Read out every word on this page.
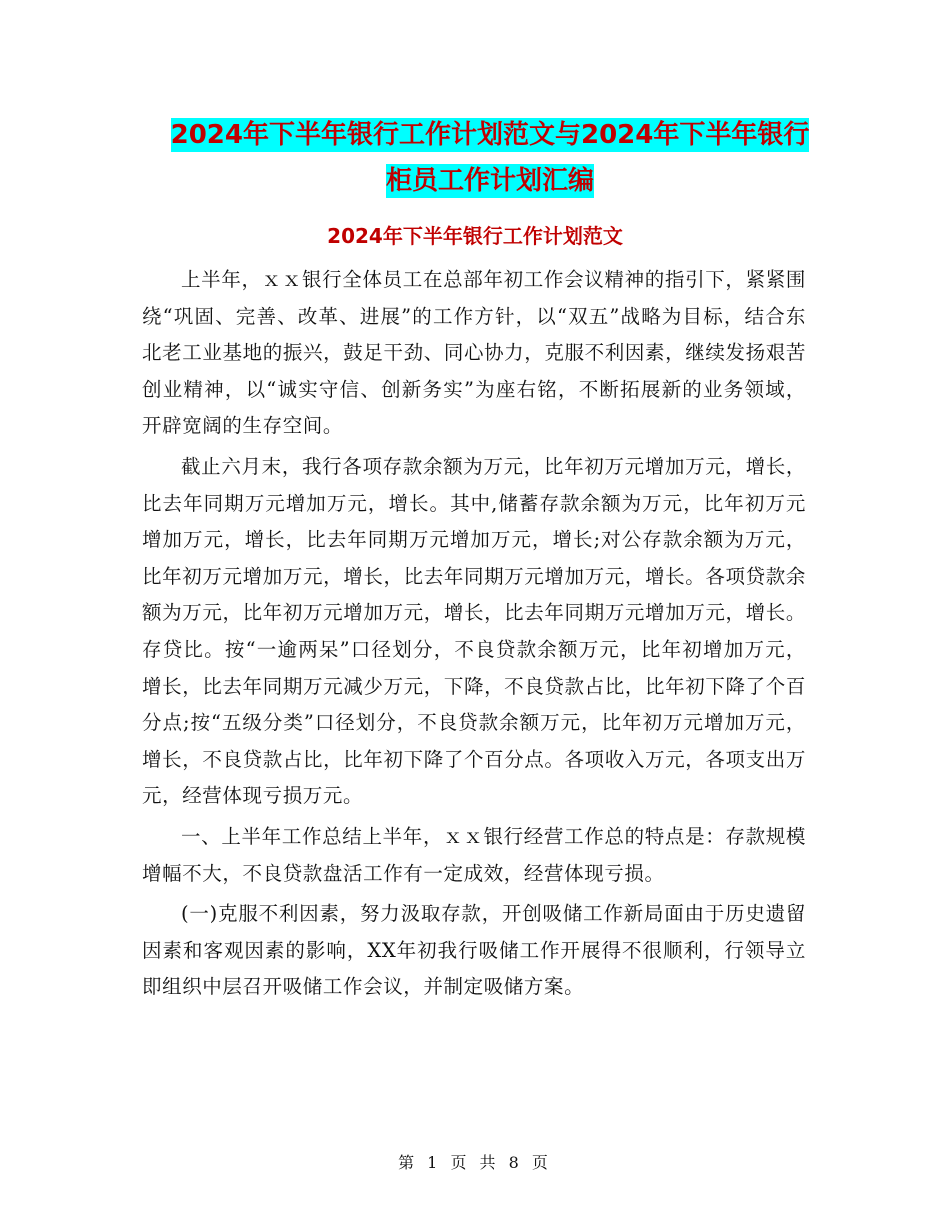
2024年下半年银行工作计划范文与2024年下半年银行
柜员工作计划汇编
2024年下半年银行工作计划范文

上半年，ｘｘ银行全体员工在总部年初工作会议精神的指引下，紧紧围绕“巩固、完善、改革、进展”的工作方针，以“双五”战略为目标，结合东北老工业基地的振兴，鼓足干劲、同心协力，克服不利因素，继续发扬艰苦创业精神，以“诚实守信、创新务实”为座右铭，不断拓展新的业务领域，开辟宽阔的生存空间。

截止六月末，我行各项存款余额为万元，比年初万元增加万元，增长，比去年同期万元增加万元，增长。其中,储蓄存款余额为万元，比年初万元增加万元，增长，比去年同期万元增加万元，增长;对公存款余额为万元，比年初万元增加万元，增长，比去年同期万元增加万元，增长。各项贷款余额为万元，比年初万元增加万元，增长，比去年同期万元增加万元，增长。存贷比。按“一逾两呆”口径划分，不良贷款余额万元，比年初增加万元，增长，比去年同期万元减少万元，下降，不良贷款占比，比年初下降了个百分点;按“五级分类”口径划分，不良贷款余额万元，比年初万元增加万元，增长，不良贷款占比，比年初下降了个百分点。各项收入万元，各项支出万元，经营体现亏损万元。

一、上半年工作总结上半年，ｘｘ银行经营工作总的特点是：存款规模增幅不大，不良贷款盘活工作有一定成效，经营体现亏损。

(一)克服不利因素，努力汲取存款，开创吸储工作新局面由于历史遗留因素和客观因素的影响，XX年初我行吸储工作开展得不很顺利，行领导立即组织中层召开吸储工作会议，并制定吸储方案。

第 1 页 共 8 页
